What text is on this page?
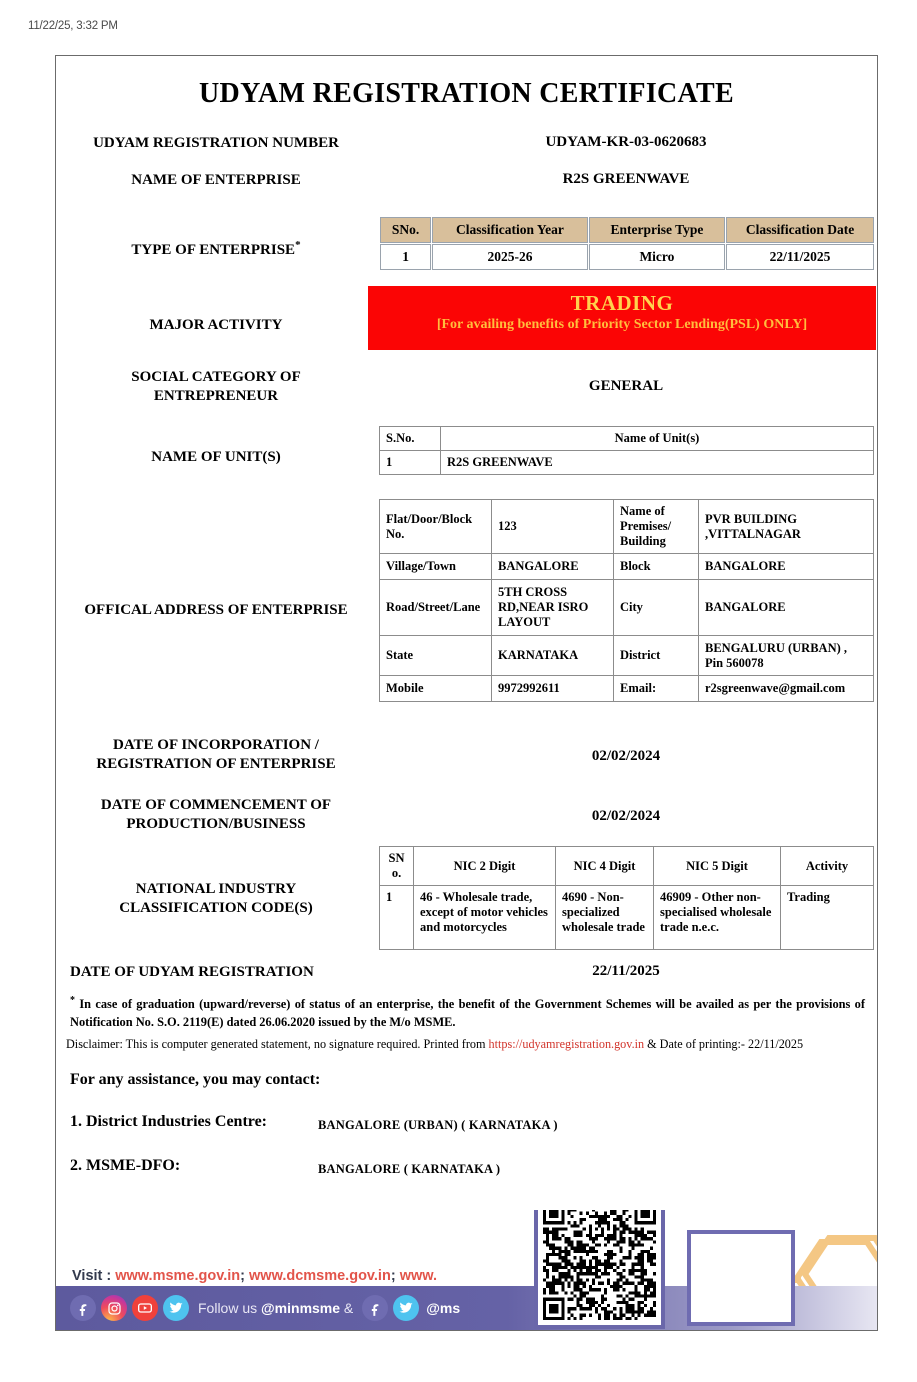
11/22/25, 3:32 PM
UDYAM REGISTRATION CERTIFICATE
UDYAM REGISTRATION NUMBER	UDYAM-KR-03-0620683
NAME OF ENTERPRISE	R2S GREENWAVE
TYPE OF ENTERPRISE*
SNo.	Classification Year	Enterprise Type	Classification Date
1	2025-26	Micro	22/11/2025
MAJOR ACTIVITY
TRADING
[For availing benefits of Priority Sector Lending(PSL) ONLY]
SOCIAL CATEGORY OF
ENTREPRENEUR
GENERAL
NAME OF UNIT(S)
S.No.	Name of Unit(s)
1	R2S GREENWAVE
OFFICAL ADDRESS OF ENTERPRISE
Flat/Door/Block No.	123	Name of Premises/ Building	PVR BUILDING ,VITTALNAGAR
Village/Town	BANGALORE	Block	BANGALORE
Road/Street/Lane	5TH CROSS RD,NEAR ISRO LAYOUT	City	BANGALORE
State	KARNATAKA	District	BENGALURU (URBAN) , Pin 560078
Mobile	9972992611	Email:	r2sgreenwave@gmail.com
DATE OF INCORPORATION /
REGISTRATION OF ENTERPRISE	02/02/2024
DATE OF COMMENCEMENT OF
PRODUCTION/BUSINESS	02/02/2024
NATIONAL INDUSTRY
CLASSIFICATION CODE(S)
SNo.	NIC 2 Digit	NIC 4 Digit	NIC 5 Digit	Activity
1	46 - Wholesale trade, except of motor vehicles and motorcycles	4690 - Non-specialized wholesale trade	46909 - Other non-specialised wholesale trade n.e.c.	Trading
DATE OF UDYAM REGISTRATION	22/11/2025
* In case of graduation (upward/reverse) of status of an enterprise, the benefit of the Government Schemes will be availed as per the provisions of Notification No. S.O. 2119(E) dated 26.06.2020 issued by the M/o MSME.
Disclaimer: This is computer generated statement, no signature required. Printed from https://udyamregistration.gov.in & Date of printing:- 22/11/2025
For any assistance, you may contact:
1. District Industries Centre:	BANGALORE (URBAN) ( KARNATAKA )
2. MSME-DFO:	BANGALORE ( KARNATAKA )
Visit : www.msme.gov.in; www.dcmsme.gov.in; www.
Follow us @minmsme &	@ms
